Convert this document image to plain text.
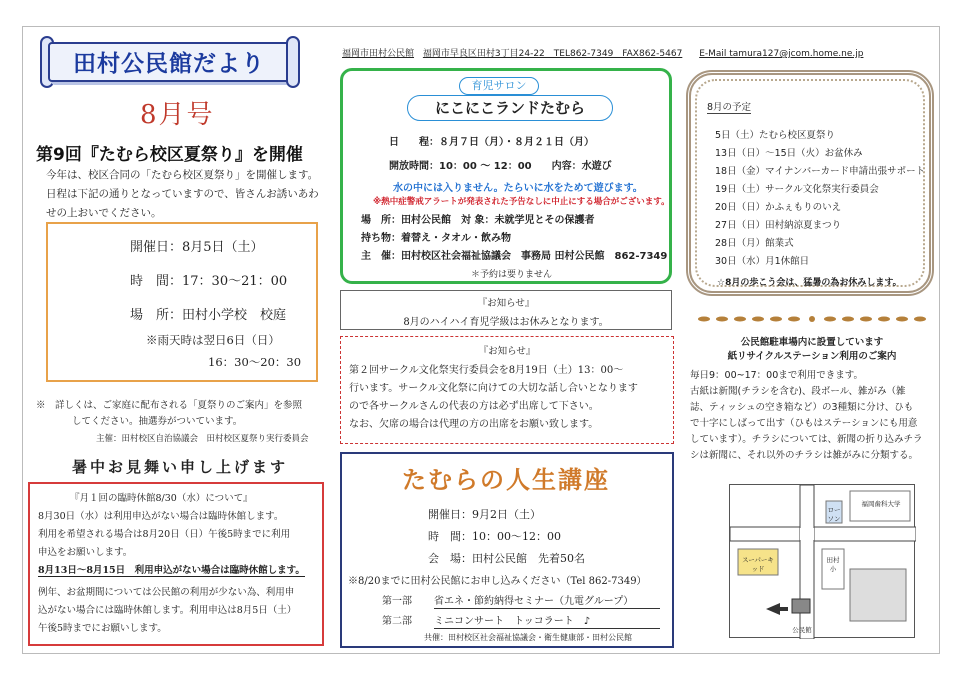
田村公民館だより
8月号
第9回『たむら校区夏祭り』を開催
今年は、校区合同の「たむら校区夏祭り」を開催します。
日程は下記の通りとなっていますので、皆さんお誘いあわ
せの上おいでください。
開催日：8月5日（土）
時　間：17：30～21：00
場　所：田村小学校　校庭
※雨天時は翌日6日（日）
16：30～20：30
※　詳しくは、ご家庭に配布される「夏祭りのご案内」を参照
してください。抽選券がついています。
主催：田村校区自治協議会　田村校区夏祭り実行委員会
暑中お見舞い申し上げます
『月１回の臨時休館8/30（水）について』
8月30日（水）は利用申込がない場合は臨時休館します。
利用を希望される場合は8月20日（日）午後5時までに利用
申込をお願いします。
8月13日～8月15日　利用申込がない場合は臨時休館します。
例年、お盆期間については公民館の利用が少ない為、利用申
込がない場合には臨時休館します。利用申込は8月5日（土）
午後5時までにお願いします。
福岡市田村公民館 福岡市早良区田村3丁目24-22　TEL862-7349　FAX862-5467 E-Mail tamura127@jcom.home.ne.jp
育児サロン
にこにこランドたむら
日　　程：８月７日（月）・８月２１日（月）
開放時間：10：00 ～ 12：00　　内容：水遊び
水の中には入りません。たらいに水をためて遊びます。
※熱中症警戒アラートが発表された予告なしに中止にする場合がございます。
場　所：田村公民館　対 象：未就学児とその保護者
持ち物：着替え・タオル・飲み物
主　催：田村校区社会福祉協議会　事務局 田村公民館　862-7349
＊予約は要りません
『お知らせ』
8月のハイハイ育児学級はお休みとなります。
『お知らせ』
第２回サークル文化祭実行委員会を8月19日（土）13：00～
行います。サークル文化祭に向けての大切な話し合いとなります
ので各サークルさんの代表の方は必ず出席して下さい。
なお、欠席の場合は代理の方の出席をお願い致します。
たむらの人生講座
開催日：9月2日（土）
時　間：10：00～12：00
会　場：田村公民館　先着50名
※8/20までに田村公民館にお申し込みください（Tel 862-7349）
第一部 省エネ・節約納得セミナー（九電グループ）
第二部 ミニコンサート　トッコラート　♪
共催：田村校区社会福祉協議会・衛生健康部・田村公民館
8月の予定
5日（土）たむら校区夏祭り
13日（日）～15日（火）お盆休み
18日（金）マイナンバーカード申請出張サポート
19日（土）サークル文化祭実行委員会
20日（日）かふぇもりのいえ
27日（日）田村納涼夏まつり
28日（月）館業式
30日（水）月1休館日
☆8月の歩こう会は、猛暑の為お休みします。
公民館駐車場内に設置しています
紙リサイクルステーション利用のご案内
毎日9：00~17：00まで利用できます。
古紙は新聞(チラシを含む)、段ボール、雑がみ（雑
誌、ティッシュの空き箱など）の3種類に分け、ひも
で十字にしばって出す（ひもはステーションにも用意
しています）。チラシについては、新聞の折り込みチラ
シは新聞に、それ以外のチラシは雑がみに分類する。
福岡歯科大学
ローソン
スーパーキッド
田村小
公民館
